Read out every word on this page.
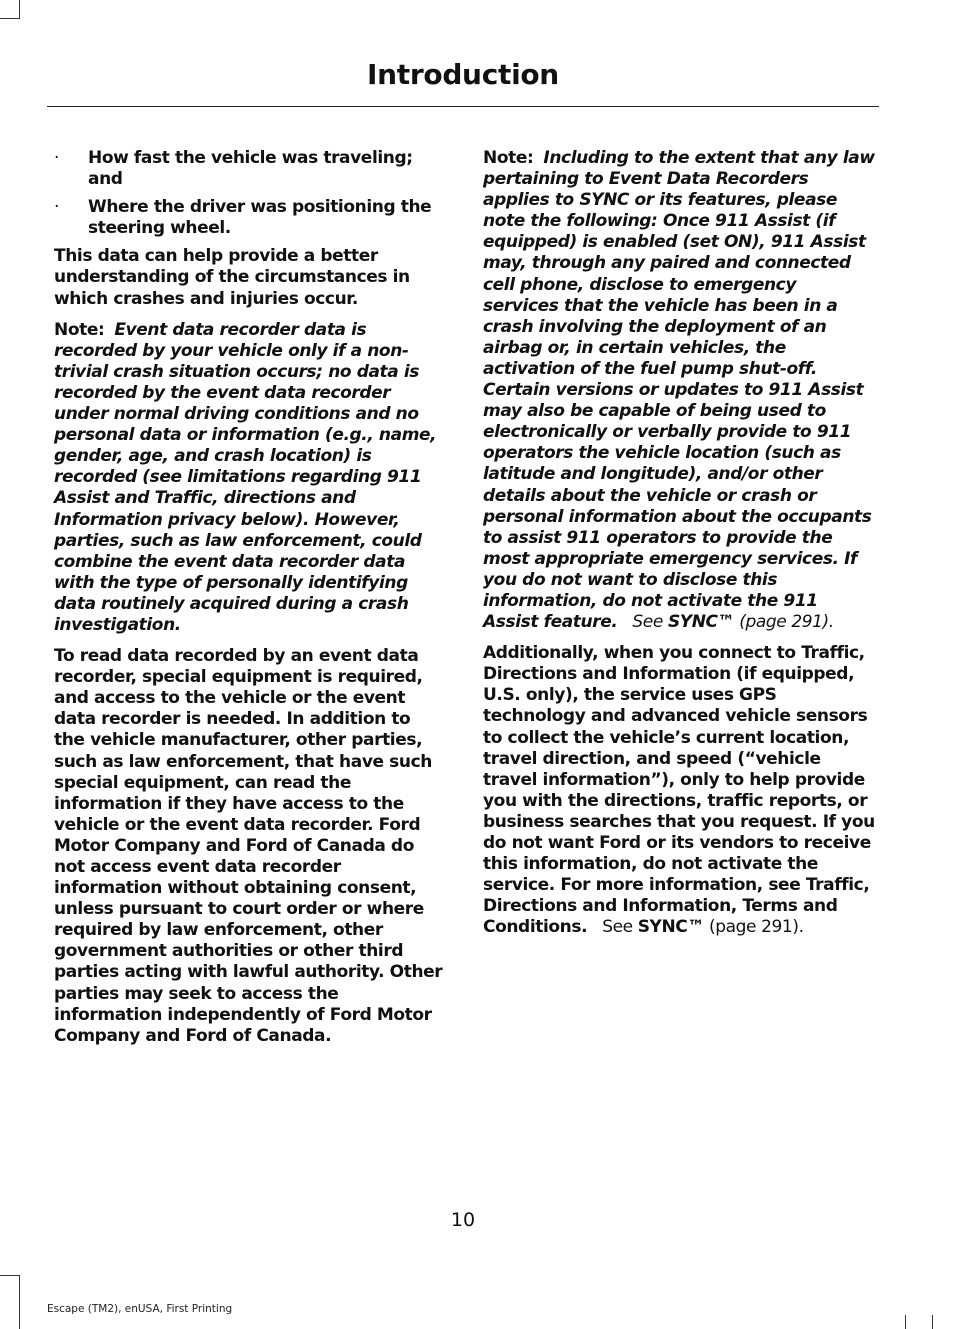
Introduction
· How fast the vehicle was traveling; and
· Where the driver was positioning the steering wheel.

This data can help provide a better understanding of the circumstances in which crashes and injuries occur.

Note: Event data recorder data is recorded by your vehicle only if a non-trivial crash situation occurs; no data is recorded by the event data recorder under normal driving conditions and no personal data or information (e.g., name, gender, age, and crash location) is recorded (see limitations regarding 911 Assist and Traffic, directions and Information privacy below). However, parties, such as law enforcement, could combine the event data recorder data with the type of personally identifying data routinely acquired during a crash investigation.

To read data recorded by an event data recorder, special equipment is required, and access to the vehicle or the event data recorder is needed. In addition to the vehicle manufacturer, other parties, such as law enforcement, that have such special equipment, can read the information if they have access to the vehicle or the event data recorder. Ford Motor Company and Ford of Canada do not access event data recorder information without obtaining consent, unless pursuant to court order or where required by law enforcement, other government authorities or other third parties acting with lawful authority. Other parties may seek to access the information independently of Ford Motor Company and Ford of Canada.

Note: Including to the extent that any law pertaining to Event Data Recorders applies to SYNC or its features, please note the following: Once 911 Assist (if equipped) is enabled (set ON), 911 Assist may, through any paired and connected cell phone, disclose to emergency services that the vehicle has been in a crash involving the deployment of an airbag or, in certain vehicles, the activation of the fuel pump shut-off. Certain versions or updates to 911 Assist may also be capable of being used to electronically or verbally provide to 911 operators the vehicle location (such as latitude and longitude), and/or other details about the vehicle or crash or personal information about the occupants to assist 911 operators to provide the most appropriate emergency services. If you do not want to disclose this information, do not activate the 911 Assist feature. See SYNC™ (page 291).

Additionally, when you connect to Traffic, Directions and Information (if equipped, U.S. only), the service uses GPS technology and advanced vehicle sensors to collect the vehicle’s current location, travel direction, and speed (“vehicle travel information”), only to help provide you with the directions, traffic reports, or business searches that you request. If you do not want Ford or its vendors to receive this information, do not activate the service. For more information, see Traffic, Directions and Information, Terms and Conditions. See SYNC™ (page 291).

10
Escape (TM2), enUSA, First Printing
